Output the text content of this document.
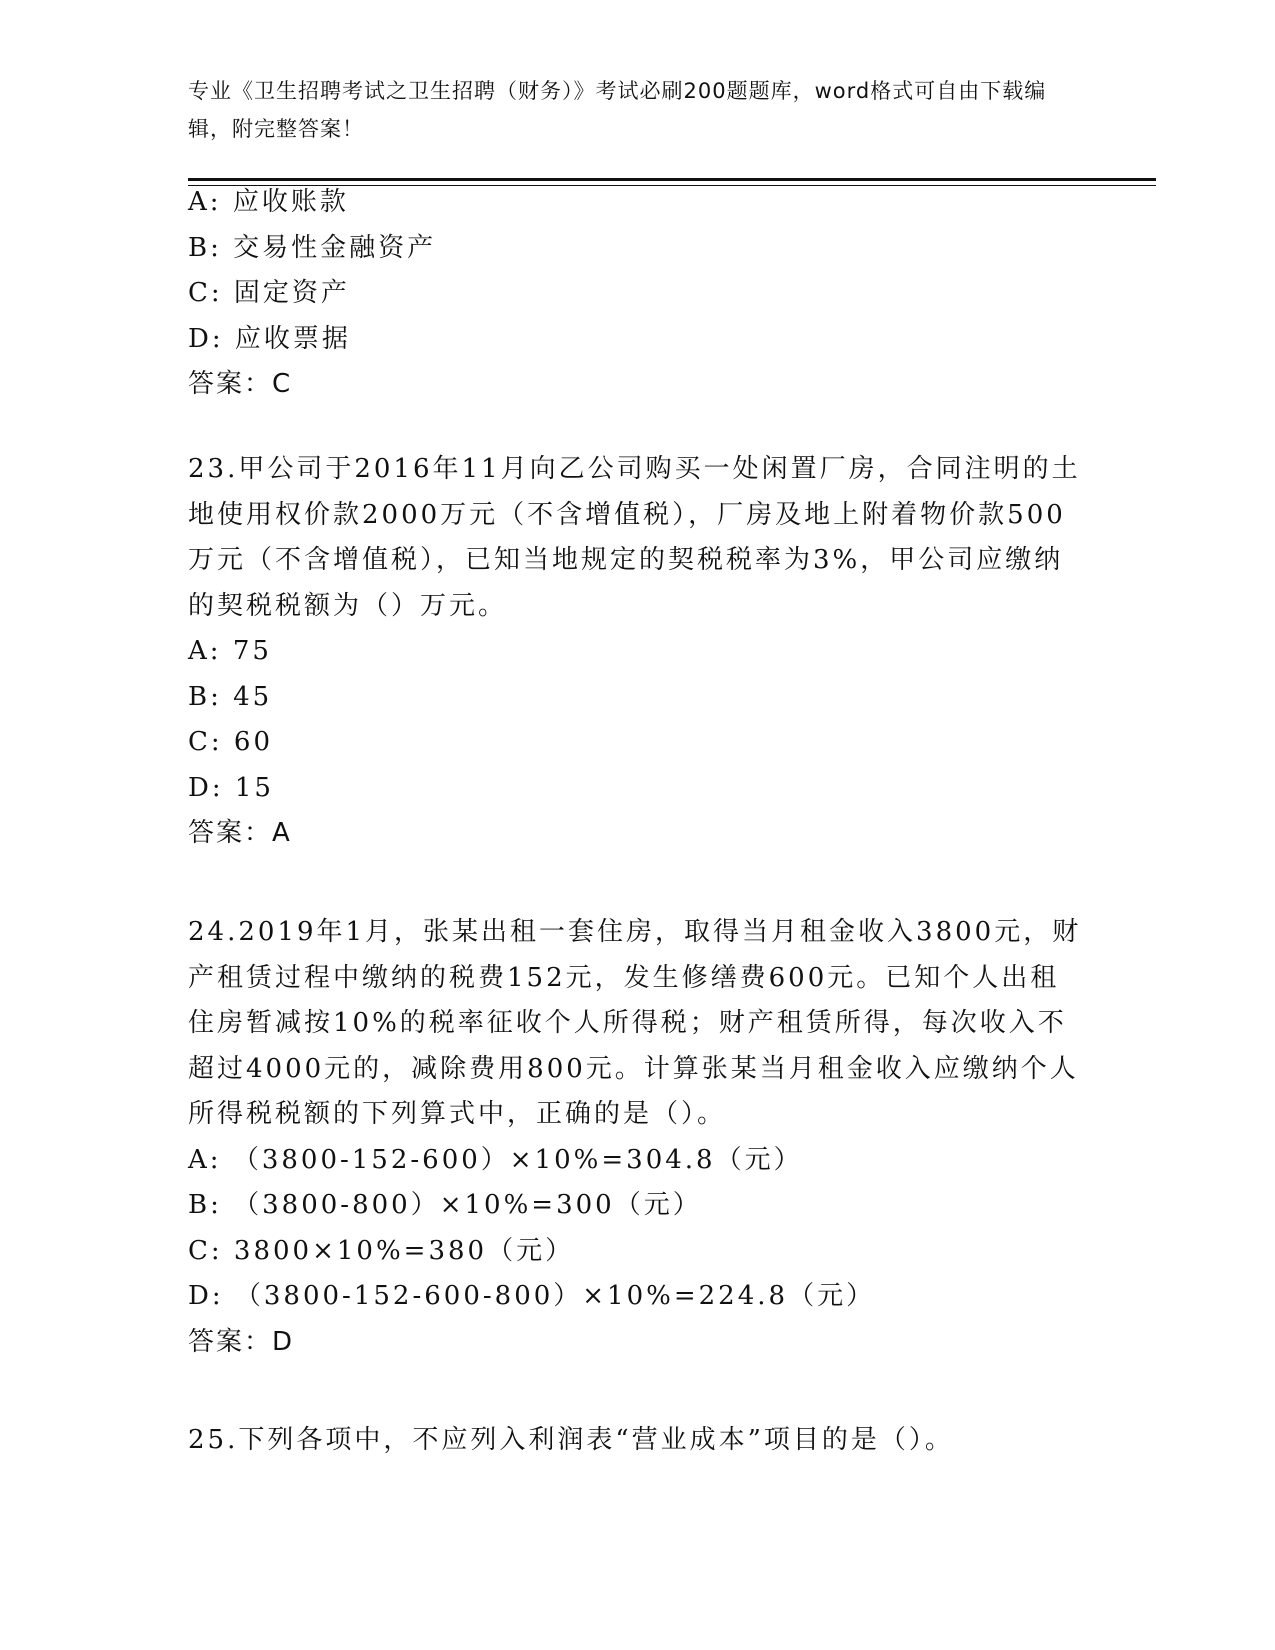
专业《卫生招聘考试之卫生招聘（财务）》考试必刷200题题库，word格式可自由下载编辑，附完整答案！
A: 应收账款
B: 交易性金融资产
C: 固定资产
D: 应收票据
答案：C
23.甲公司于2016年11月向乙公司购买一处闲置厂房，合同注明的土地使用权价款2000万元（不含增值税），厂房及地上附着物价款500万元（不含增值税），已知当地规定的契税税率为3%，甲公司应缴纳的契税税额为（）万元。
A: 75
B: 45
C: 60
D: 15
答案：A
24.2019年1月，张某出租一套住房，取得当月租金收入3800元，财产租赁过程中缴纳的税费152元，发生修缮费600元。已知个人出租住房暂减按10%的税率征收个人所得税；财产租赁所得，每次收入不超过4000元的，减除费用800元。计算张某当月租金收入应缴纳个人所得税税额的下列算式中，正确的是（）。
A: （3800-152-600）×10%=304.8（元）
B: （3800-800）×10%=300（元）
C: 3800×10%=380（元）
D: （3800-152-600-800）×10%=224.8（元）
答案：D
25.下列各项中，不应列入利润表“营业成本”项目的是（）。
